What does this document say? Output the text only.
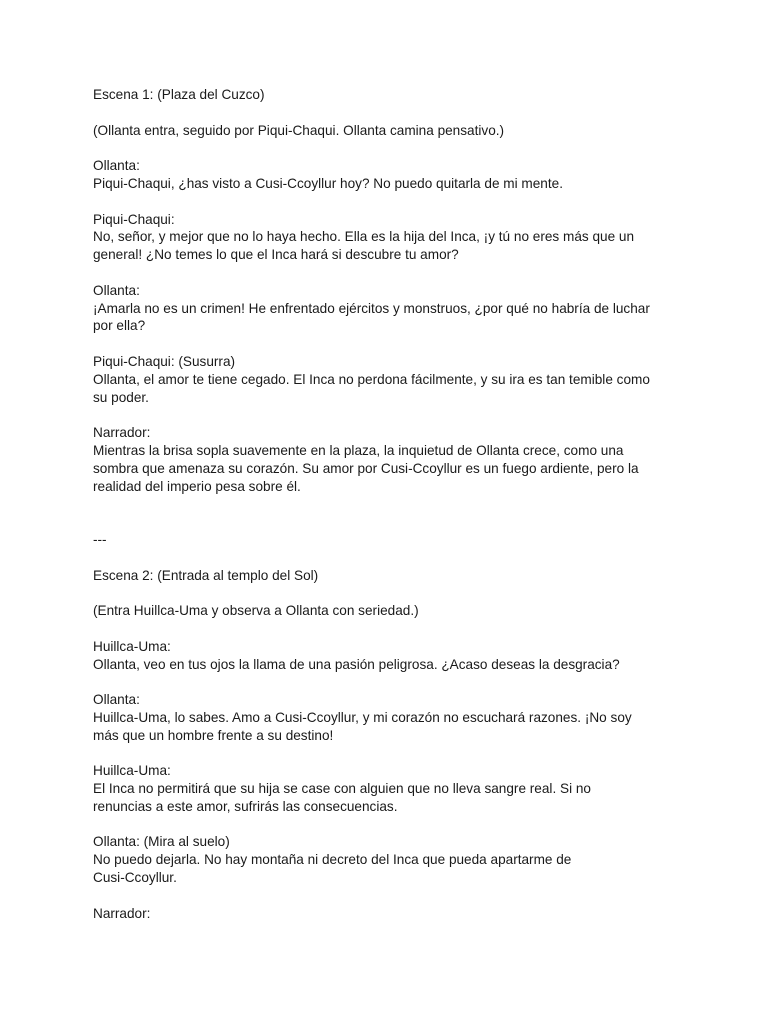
Escena 1: (Plaza del Cuzco)

(Ollanta entra, seguido por Piqui-Chaqui. Ollanta camina pensativo.)

Ollanta:
Piqui-Chaqui, ¿has visto a Cusi-Ccoyllur hoy? No puedo quitarla de mi mente.

Piqui-Chaqui:
No, señor, y mejor que no lo haya hecho. Ella es la hija del Inca, ¡y tú no eres más que un
general! ¿No temes lo que el Inca hará si descubre tu amor?

Ollanta:
¡Amarla no es un crimen! He enfrentado ejércitos y monstruos, ¿por qué no habría de luchar
por ella?

Piqui-Chaqui: (Susurra)
Ollanta, el amor te tiene cegado. El Inca no perdona fácilmente, y su ira es tan temible como
su poder.

Narrador:
Mientras la brisa sopla suavemente en la plaza, la inquietud de Ollanta crece, como una
sombra que amenaza su corazón. Su amor por Cusi-Ccoyllur es un fuego ardiente, pero la
realidad del imperio pesa sobre él.

---

Escena 2: (Entrada al templo del Sol)

(Entra Huillca-Uma y observa a Ollanta con seriedad.)

Huillca-Uma:
Ollanta, veo en tus ojos la llama de una pasión peligrosa. ¿Acaso deseas la desgracia?

Ollanta:
Huillca-Uma, lo sabes. Amo a Cusi-Ccoyllur, y mi corazón no escuchará razones. ¡No soy
más que un hombre frente a su destino!

Huillca-Uma:
El Inca no permitirá que su hija se case con alguien que no lleva sangre real. Si no
renuncias a este amor, sufrirás las consecuencias.

Ollanta: (Mira al suelo)
No puedo dejarla. No hay montaña ni decreto del Inca que pueda apartarme de
Cusi-Ccoyllur.

Narrador:
